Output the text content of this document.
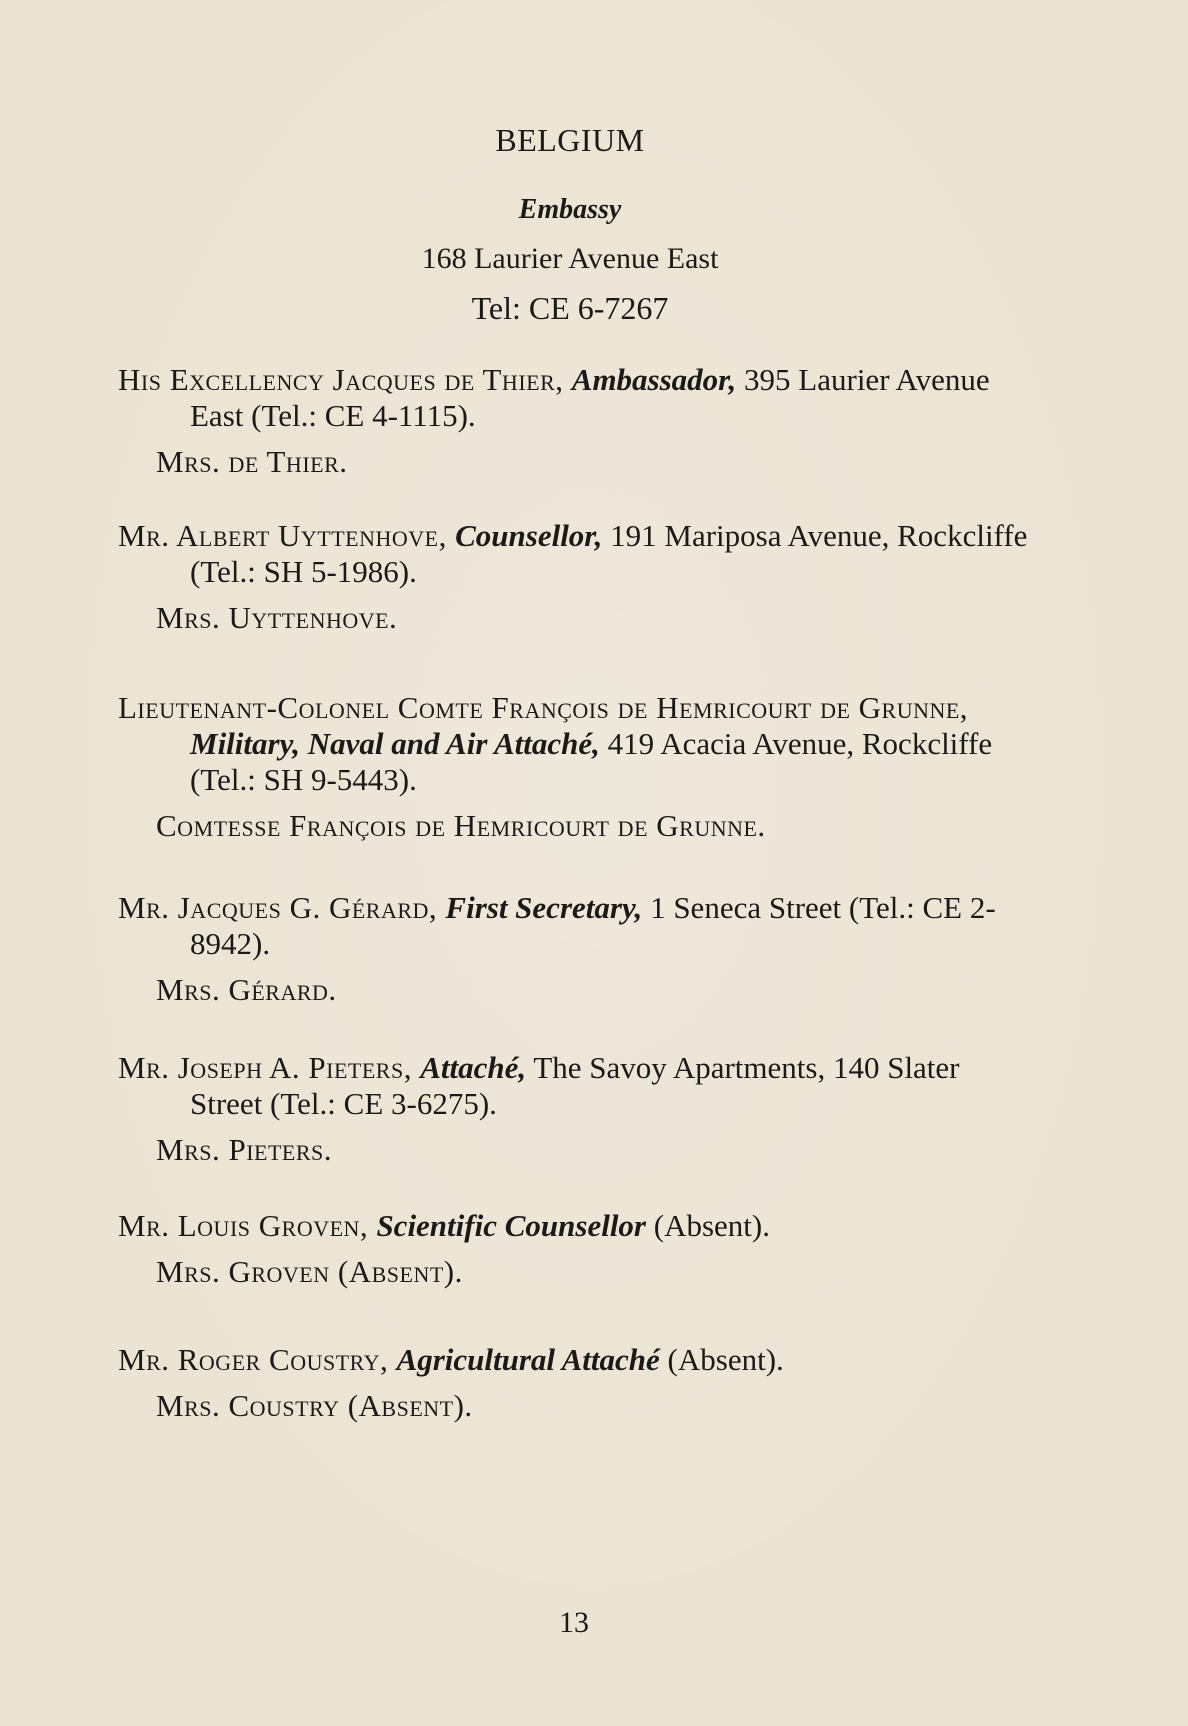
BELGIUM
Embassy
168 Laurier Avenue East
Tel: CE 6-7267
His Excellency Jacques de Thier, Ambassador, 395 Laurier Avenue East (Tel.: CE 4-1115).
Mrs. de Thier.
Mr. Albert Uyttenhove, Counsellor, 191 Mariposa Avenue, Rockcliffe (Tel.: SH 5-1986).
Mrs. Uyttenhove.
Lieutenant-Colonel Comte François de Hemricourt de Grunne, Military, Naval and Air Attaché, 419 Acacia Avenue, Rockcliffe (Tel.: SH 9-5443).
Comtesse François de Hemricourt de Grunne.
Mr. Jacques G. Gérard, First Secretary, 1 Seneca Street (Tel.: CE 2-8942).
Mrs. Gérard.
Mr. Joseph A. Pieters, Attaché, The Savoy Apartments, 140 Slater Street (Tel.: CE 3-6275).
Mrs. Pieters.
Mr. Louis Groven, Scientific Counsellor (Absent).
Mrs. Groven (Absent).
Mr. Roger Coustry, Agricultural Attaché (Absent).
Mrs. Coustry (Absent).
13
